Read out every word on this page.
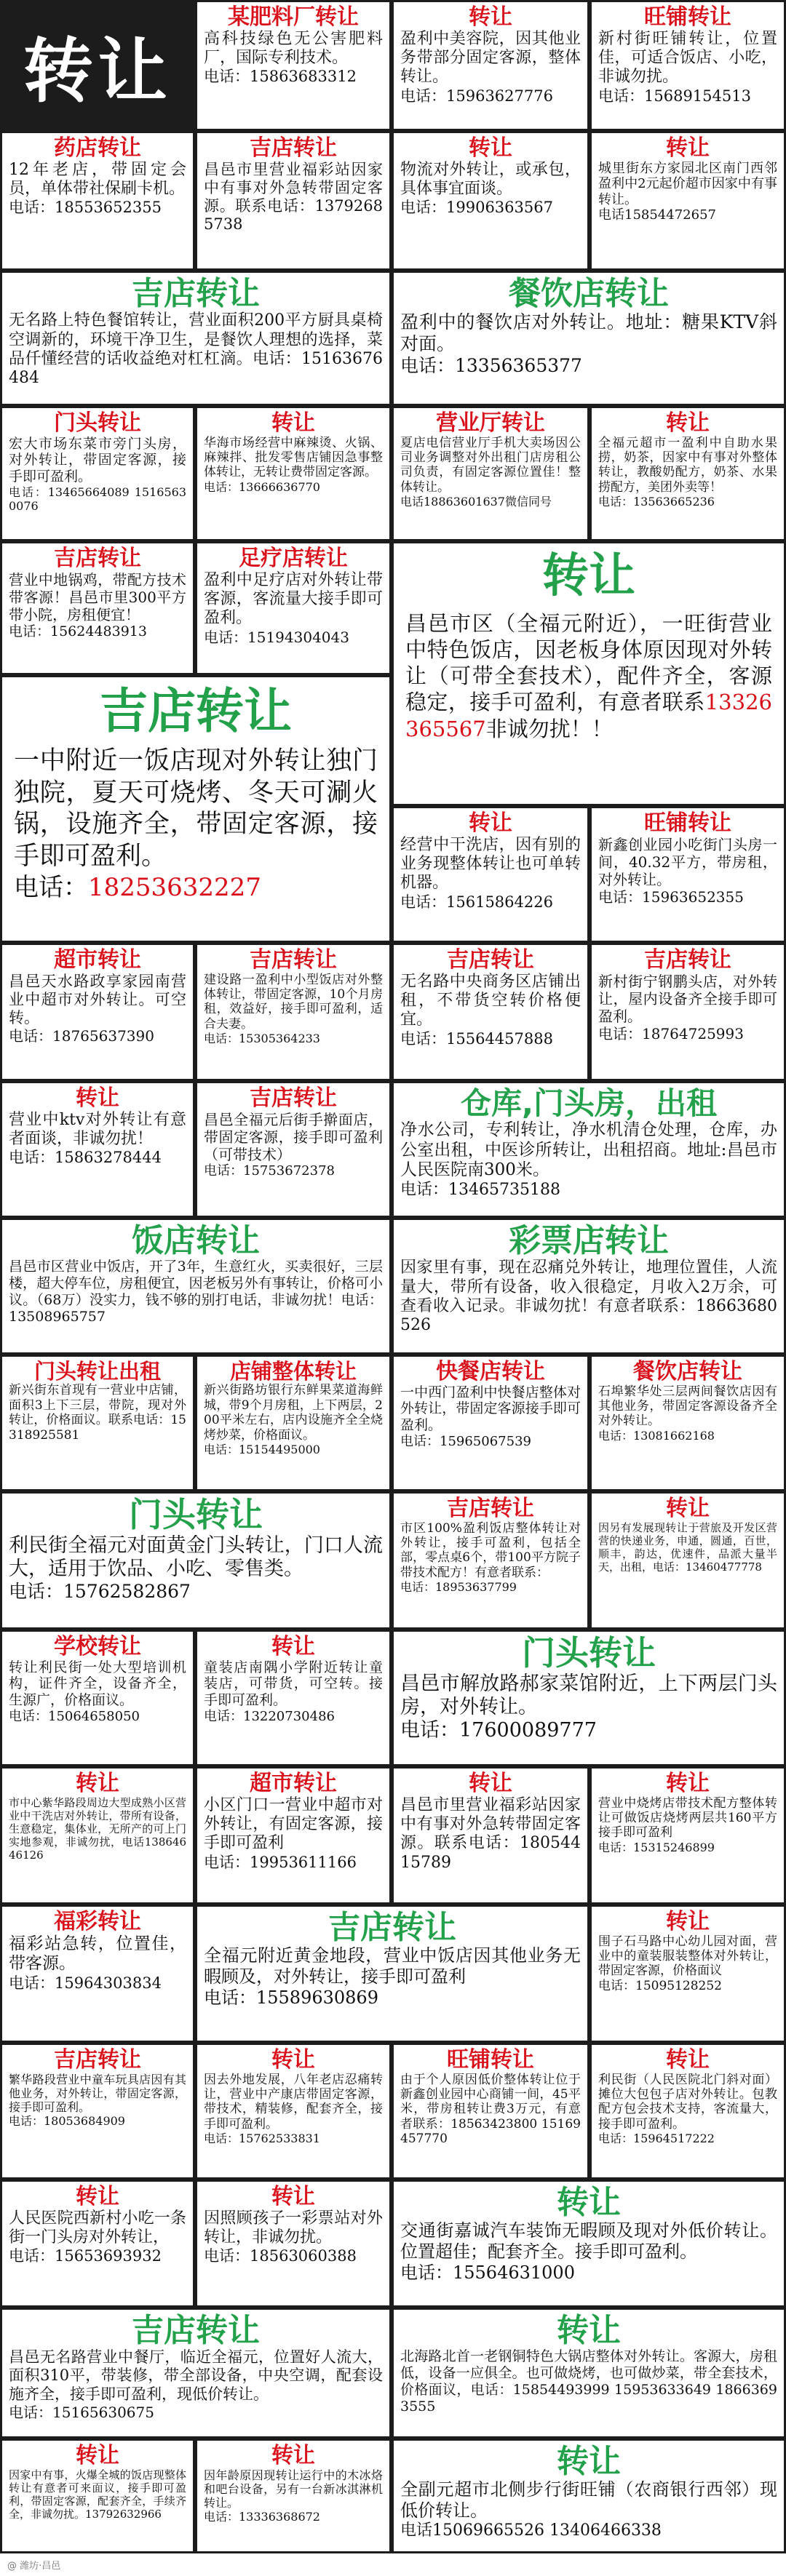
转让
某肥料厂转让
高科技绿色无公害肥料厂，国际专利技术。
电话：15863683312
转让
盈利中美容院，因其他业务带部分固定客源，整体转让。
电话：15963627776
旺铺转让
新村街旺铺转让，位置佳，可适合饭店、小吃，非诚勿扰。
电话：15689154513
药店转让
12年老店，带固定会员，单体带社保刷卡机。
电话：18553652355
吉店转让
昌邑市里营业福彩站因家中有事对外急转带固定客源。联系电话：13792685738
转让
物流对外转让，或承包，具体事宜面谈。
电话：19906363567
转让
城里街东方家园北区南门西邻盈利中2元起价超市因家中有事转让。
电话15854472657
吉店转让
无名路上特色餐馆转让，营业面积200平方厨具桌椅空调新的，环境干净卫生，是餐饮人理想的选择，菜品仟懂经营的话收益绝对杠杠滴。电话：15163676484
餐饮店转让
盈利中的餐饮店对外转让。地址：糖果KTV斜对面。
电话：13356365377
门头转让
宏大市场东菜市旁门头房，对外转让，带固定客源，接手即可盈利。
电话：13465664089 15165630076
转让
华海市场经营中麻辣烫、火锅、麻辣拌、批发零售店铺因急事整体转让，无转让费带固定客源。
电话：13666636770
营业厅转让
夏店电信营业厅手机大卖场因公司业务调整对外出租门店房租公司负责，有固定客源位置佳！整体转让。
电话18863601637微信同号
转让
全福元超市一盈利中自助水果捞，奶茶，因家中有事对外整体转让，教酸奶配方，奶茶、水果捞配方，美团外卖等！
电话：13563665236
吉店转让
营业中地锅鸡，带配方技术带客源！昌邑市里300平方带小院，房租便宜！
电话：15624483913
足疗店转让
盈利中足疗店对外转让带客源，客流量大接手即可盈利。
电话：15194304043
转让
昌邑市区（全福元附近），一旺街营业中特色饭店，因老板身体原因现对外转让（可带全套技术），配件齐全，客源稳定，接手可盈利，有意者联系13326365567非诚勿扰！！
吉店转让
一中附近一饭店现对外转让独门独院，夏天可烧烤、冬天可涮火锅，设施齐全，带固定客源，接手即可盈利。
电话：18253632227
转让
经营中干洗店，因有别的业务现整体转让也可单转机器。
电话：15615864226
旺铺转让
新鑫创业园小吃街门头房一间，40.32平方，带房租，对外转让。
电话：15963652355
超市转让
昌邑天水路政享家园南营业中超市对外转让。可空转。
电话：18765637390
吉店转让
建设路一盈利中小型饭店对外整体转让，带固定客源，10个月房租，效益好，接手即可盈利，适合夫妻。
电话：15305364233
吉店转让
无名路中央商务区店铺出租，不带货空转价格便宜。
电话：15564457888
吉店转让
新村街宁钢鹏头店，对外转让，屋内设备齐全接手即可盈利。
电话：18764725993
转让
营业中ktv对外转让有意者面谈，非诚勿扰！
电话：15863278444
吉店转让
昌邑全福元后街手擀面店，带固定客源，接手即可盈利（可带技术）
电话：15753672378
仓库,门头房，出租
净水公司，专利转让，净水机清仓处理，仓库，办公室出租，中医诊所转让，出租招商。地址:昌邑市人民医院南300米。
电话：13465735188
饭店转让
昌邑市区营业中饭店，开了3年，生意红火，买卖很好，三层楼，超大停车位，房租便宜，因老板另外有事转让，价格可小议。（68万）没实力，钱不够的别打电话，非诚勿扰！电话：13508965757
彩票店转让
因家里有事，现在忍痛兑外转让，地理位置佳，人流量大，带所有设备，收入很稳定，月收入2万余，可查看收入记录。非诚勿扰！有意者联系：18663680526
门头转让出租
新兴街东首现有一营业中店铺，面积3上下三层，带院，现对外转让，价格面议。联系电话：15318925581
店铺整体转让
新兴街路坊银行东鲜果菜道海鲜城，带9个月房租，上下两层，200平米左右，店内设施齐全全烧烤炒菜，价格面议。
电话：15154495000
快餐店转让
一中西门盈利中快餐店整体对外转让，带固定客源接手即可盈利。
电话：15965067539
餐饮店转让
石埠繁华处三层两间餐饮店因有其他业务，带固定客源设备齐全对外转让。
电话：13081662168
门头转让
利民街全福元对面黄金门头转让，门口人流大，适用于饮品、小吃、零售类。
电话：15762582867
吉店转让
市区100%盈利饭店整体转让对外转让，接手可盈利，包括全部，零点桌6个，带100平方院子带技术配方！有意者联系：
电话：18953637799
转让
因另有发展现转让于营旅及开发区营营的快递业务，申通，圆通，百世，顺丰，韵达，优速件，品派大量半天，出租，电话：13460477778
学校转让
转让利民街一处大型培训机构，证件齐全，设备齐全，生源广，价格面议。
电话：15064658050
转让
童装店南隅小学附近转让童装店，可带货，可空转。接手即可盈利。
电话：13220730486
门头转让
昌邑市解放路郝家菜馆附近，上下两层门头房，对外转让。
电话：17600089777
转让
市中心紫华路段周边大型成熟小区营业中干洗店对外转让，带所有设备，生意稳定，集体业，无所产的可上门实地参观，非诚勿扰，电话13864646126
超市转让
小区门口一营业中超市对外转让，有固定客源，接手即可盈利
电话：19953611166
转让
昌邑市里营业福彩站因家中有事对外急转带固定客源。联系电话：18054415789
转让
营业中烧烤店带技术配方整体转让可做饭店烧烤两层共160平方接手即可盈利
电话：15315246899
福彩转让
福彩站急转，位置佳，带客源。
电话：15964303834
吉店转让
全福元附近黄金地段，营业中饭店因其他业务无暇顾及，对外转让，接手即可盈利
电话：15589630869
转让
围子石马路中心幼儿园对面，营业中的童装服装整体对外转让，带固定客源，价格面议
电话：15095128252
吉店转让
繁华路段营业中童车玩具店因有其他业务，对外转让，带固定客源，接手即可盈利。
电话：18053684909
转让
因去外地发展，八年老店忍痛转让，营业中产康店带固定客源，带技术，精装修，配套齐全，接手即可盈利。
电话：15762533831
旺铺转让
由于个人原因低价整体转让位于新鑫创业园中心商铺一间，45平米，带房租转让费3万元，有意者联系：18563423800 15169457770
转让
利民街（人民医院北门斜对面）摊位大包包子店对外转让。包教配方包会技术支持，客流量大，接手即可盈利。
电话：15964517222
转让
人民医院西新村小吃一条街一门头房对外转让，
电话：15653693932
转让
因照顾孩子一彩票站对外转让，非诚勿扰。
电话：18563060388
转让
交通街嘉诚汽车装饰无暇顾及现对外低价转让。位置超佳；配套齐全。接手即可盈利。
电话：15564631000
吉店转让
昌邑无名路营业中餐厅，临近全福元，位置好人流大，面积310平，带装修，带全部设备，中央空调，配套设施齐全，接手即可盈利，现低价转让。
电话：15165630675
转让
北海路北首一老钢铜特色大锅店整体对外转让。客源大，房租低，设备一应俱全。也可做烧烤，也可做炒菜，带全套技术，价格面议，电话：15854493999 15953633649 18663693555
转让
因家中有事，火爆全城的饭店现整体转让有意者可来面议，接手即可盈利，带固定客源，配套齐全，手续齐全，非诚勿扰。13792632966
转让
因年龄原因现转让运行中的木冰烙和吧台设备，另有一台新冰淇淋机转让。
电话：13336368672
转让
全副元超市北侧步行街旺铺（农商银行西邻）现低价转让。
电话15069665526 13406466338
@ 潍坊·昌邑
